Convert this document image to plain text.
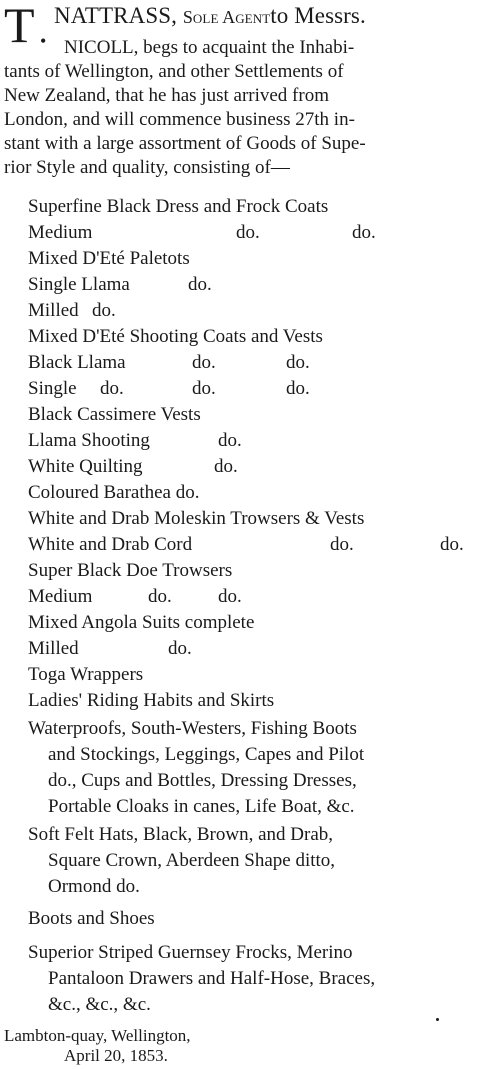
T •
NATTRASS, Sole Agentto Messrs.
NICOLL, begs to acquaint the Inhabi-
tants of Wellington, and other Settlements of
New Zealand, that he has just arrived from
London, and will commence business 27th in-
stant with a large assortment of Goods of Supe-
rior Style and quality, consisting of—
Superfine Black Dress and Frock Coats
Medium	do.	do.
Mixed D'Eté Paletots
Single Llama	do.
Milled do.
Mixed D'Eté Shooting Coats and Vests
Black Llama	do.	do.
Single do.	do.	do.
Black Cassimere Vests
Llama Shooting	do.
White Quilting	do.
Coloured Barathea do.
White and Drab Moleskin Trowsers & Vests
White and Drab Cord	do.	do.
Super Black Doe Trowsers
Medium	do. do.
Mixed Angola Suits complete
Milled	do.
Toga Wrappers
Ladies' Riding Habits and Skirts
Waterproofs, South-Westers, Fishing Boots
and Stockings, Leggings, Capes and Pilot
do., Cups and Bottles, Dressing Dresses,
Portable Cloaks in canes, Life Boat, &c.
Soft Felt Hats, Black, Brown, and Drab,
Square Crown, Aberdeen Shape ditto,
Ormond do.
Boots and Shoes
Superior Striped Guernsey Frocks, Merino
Pantaloon Drawers and Half-Hose, Braces,
&c., &c., &c.
Lambton-quay, Wellington,
April 20, 1853.
